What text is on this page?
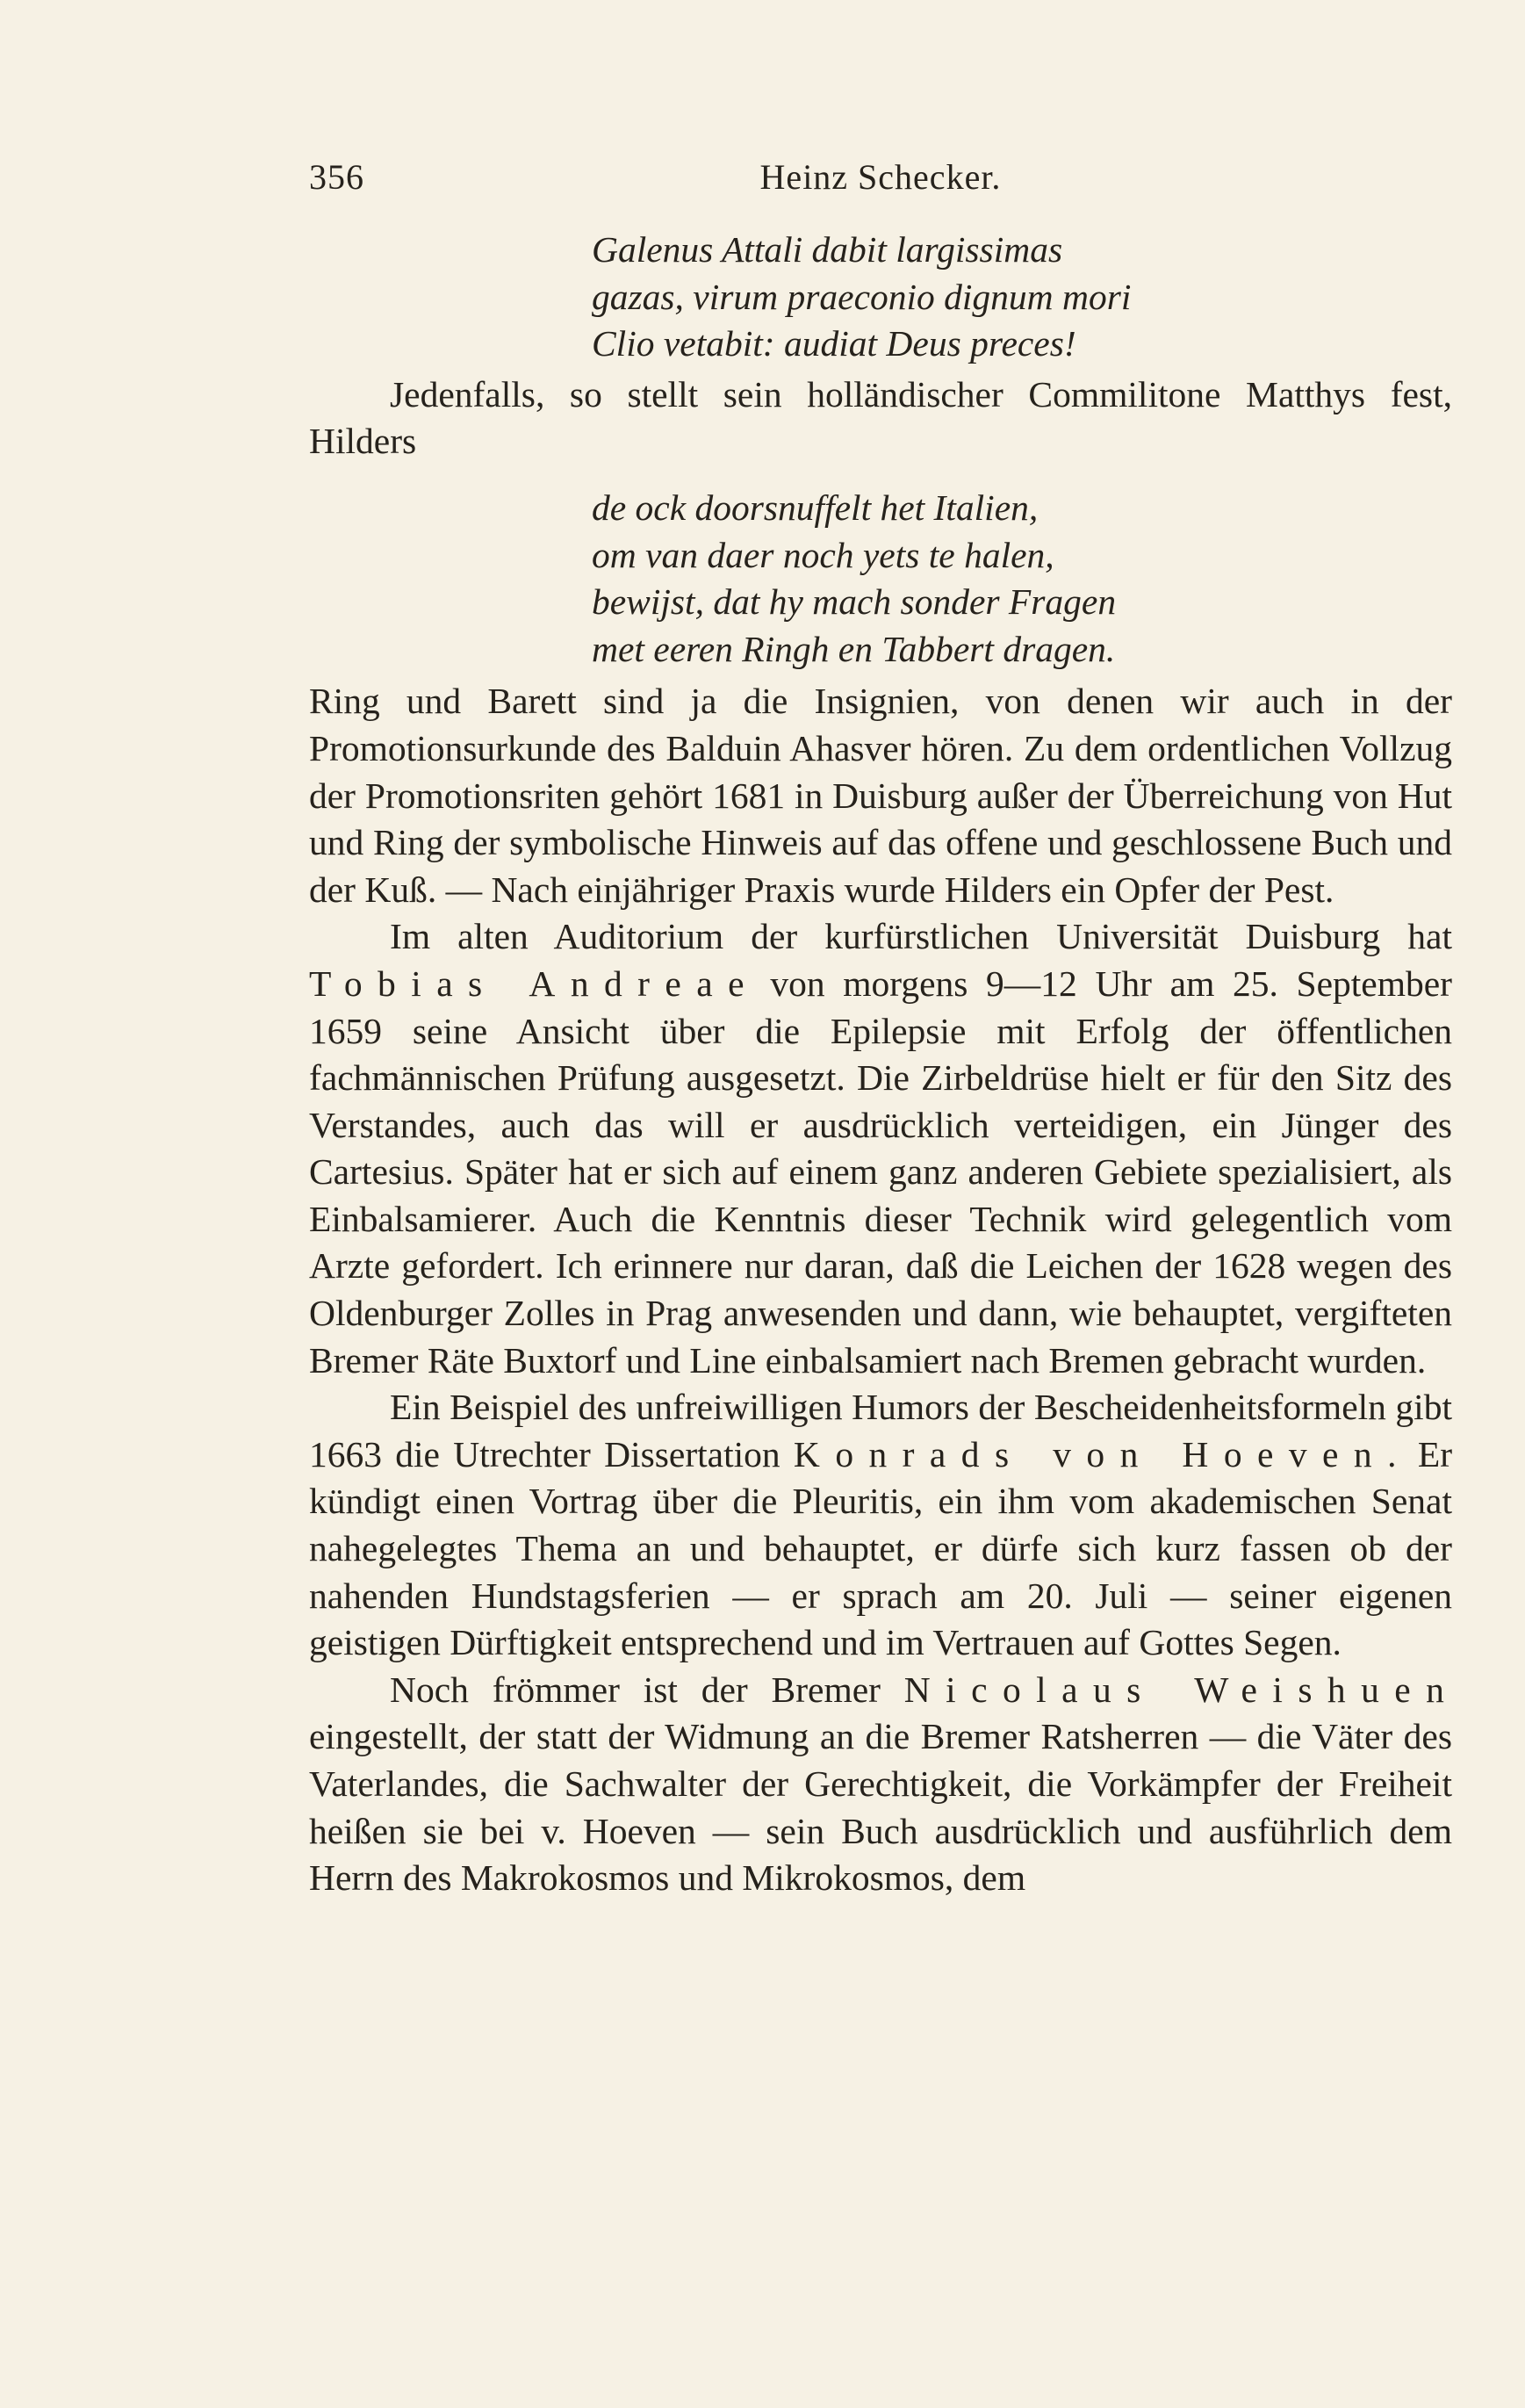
356	Heinz Schecker.
Galenus Attali dabit largissimas
gazas, virum praeconio dignum mori
Clio vetabit: audiat Deus preces!

Jedenfalls, so stellt sein holländischer Commilitone Matthys fest, Hilders

de ock doorsnuffelt het Italien,
om van daer noch yets te halen,
bewijst, dat hy mach sonder Fragen
met eeren Ringh en Tabbert dragen.

Ring und Barett sind ja die Insignien, von denen wir auch in der Promotionsurkunde des Balduin Ahasver hören. Zu dem ordentlichen Vollzug der Promotionsriten gehört 1681 in Duisburg außer der Überreichung von Hut und Ring der symbolische Hinweis auf das offene und geschlossene Buch und der Kuß. — Nach einjähriger Praxis wurde Hilders ein Opfer der Pest.

Im alten Auditorium der kurfürstlichen Universität Duisburg hat Tobias Andreae von morgens 9—12 Uhr am 25. September 1659 seine Ansicht über die Epilepsie mit Erfolg der öffentlichen fachmännischen Prüfung ausgesetzt. Die Zirbeldrüse hielt er für den Sitz des Verstandes, auch das will er ausdrücklich verteidigen, ein Jünger des Cartesius. Später hat er sich auf einem ganz anderen Gebiete spezialisiert, als Einbalsamierer. Auch die Kenntnis dieser Technik wird gelegentlich vom Arzte gefordert. Ich erinnere nur daran, daß die Leichen der 1628 wegen des Oldenburger Zolles in Prag anwesenden und dann, wie behauptet, vergifteten Bremer Räte Buxtorf und Line einbalsamiert nach Bremen gebracht wurden.

Ein Beispiel des unfreiwilligen Humors der Bescheidenheitsformeln gibt 1663 die Utrechter Dissertation Konrads von Hoeven. Er kündigt einen Vortrag über die Pleuritis, ein ihm vom akademischen Senat nahegelegtes Thema an und behauptet, er dürfe sich kurz fassen ob der nahenden Hundstagsferien — er sprach am 20. Juli — seiner eigenen geistigen Dürftigkeit entsprechend und im Vertrauen auf Gottes Segen.

Noch frömmer ist der Bremer Nicolaus Weishuen eingestellt, der statt der Widmung an die Bremer Ratsherren — die Väter des Vaterlandes, die Sachwalter der Gerechtigkeit, die Vorkämpfer der Freiheit heißen sie bei v. Hoeven — sein Buch ausdrücklich und ausführlich dem Herrn des Makrokosmos und Mikrokosmos, dem
